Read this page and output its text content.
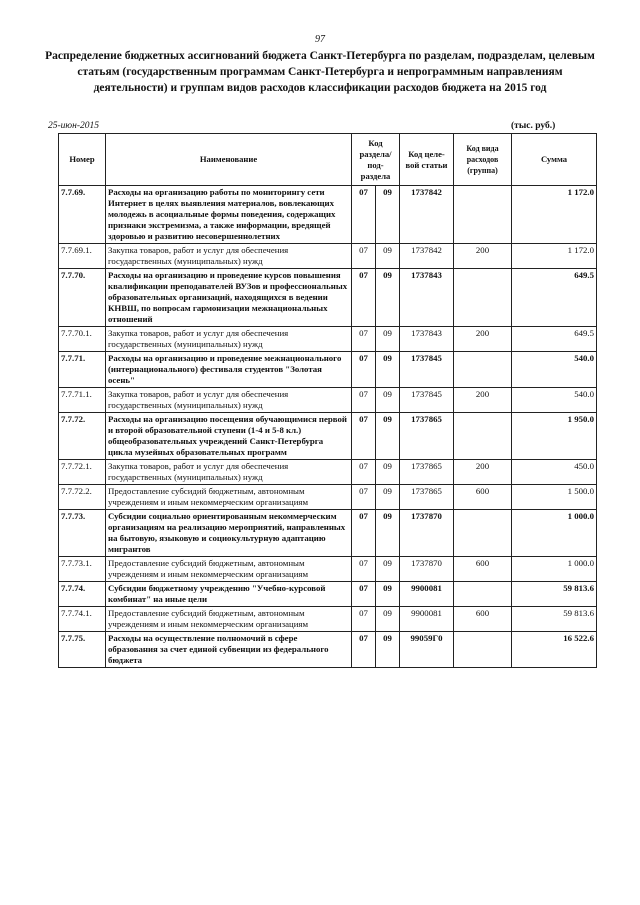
97
Распределение бюджетных ассигнований бюджета Санкт-Петербурга по разделам, подразделам, целевым статьям (государственным программам Санкт-Петербурга и непрограммным направлениям деятельности) и группам видов расходов классификации расходов бюджета на 2015 год
25-июн-2015	(тыс. руб.)
Номер	Наименование	Код раздела/ под-раздела		Код целе-вой статьи	Код вида расходов (группа)	Сумма
7.7.69.	Расходы на организацию работы по мониторингу сети Интернет в целях выявления материалов, вовлекающих молодежь в асоциальные формы поведения, содержащих признаки экстремизма, а также информации, вредящей здоровью и развитию несовершеннолетних	07	09	1737842		1 172.0
7.7.69.1.	Закупка товаров, работ и услуг для обеспечения государственных (муниципальных) нужд	07	09	1737842	200	1 172.0
7.7.70.	Расходы на организацию и проведение курсов повышения квалификации преподавателей ВУЗов и профессиональных образовательных организаций, находящихся в ведении КНВШ, по вопросам гармонизации межнациональных отношений	07	09	1737843		649.5
7.7.70.1.	Закупка товаров, работ и услуг для обеспечения государственных (муниципальных) нужд	07	09	1737843	200	649.5
7.7.71.	Расходы на организацию и проведение межнационального (интернационального) фестиваля студентов "Золотая осень"	07	09	1737845		540.0
7.7.71.1.	Закупка товаров, работ и услуг для обеспечения государственных (муниципальных) нужд	07	09	1737845	200	540.0
7.7.72.	Расходы на организацию посещения обучающимися первой и второй образовательной ступени (1-4 и 5-8 кл.) общеобразовательных учреждений Санкт-Петербурга цикла музейных образовательных программ	07	09	1737865		1 950.0
7.7.72.1.	Закупка товаров, работ и услуг для обеспечения государственных (муниципальных) нужд	07	09	1737865	200	450.0
7.7.72.2.	Предоставление субсидий бюджетным, автономным учреждениям и иным некоммерческим организациям	07	09	1737865	600	1 500.0
7.7.73.	Субсидии социально ориентированным некоммерческим организациям на реализацию мероприятий, направленных на бытовую, языковую и социокультурную адаптацию мигрантов	07	09	1737870		1 000.0
7.7.73.1.	Предоставление субсидий бюджетным, автономным учреждениям и иным некоммерческим организациям	07	09	1737870	600	1 000.0
7.7.74.	Субсидии бюджетному учреждению "Учебно-курсовой комбинат" на иные цели	07	09	9900081		59 813.6
7.7.74.1.	Предоставление субсидий бюджетным, автономным учреждениям и иным некоммерческим организациям	07	09	9900081	600	59 813.6
7.7.75.	Расходы на осуществление полномочий в сфере образования за счет единой субвенции из федерального бюджета	07	09	99059Г0		16 522.6
